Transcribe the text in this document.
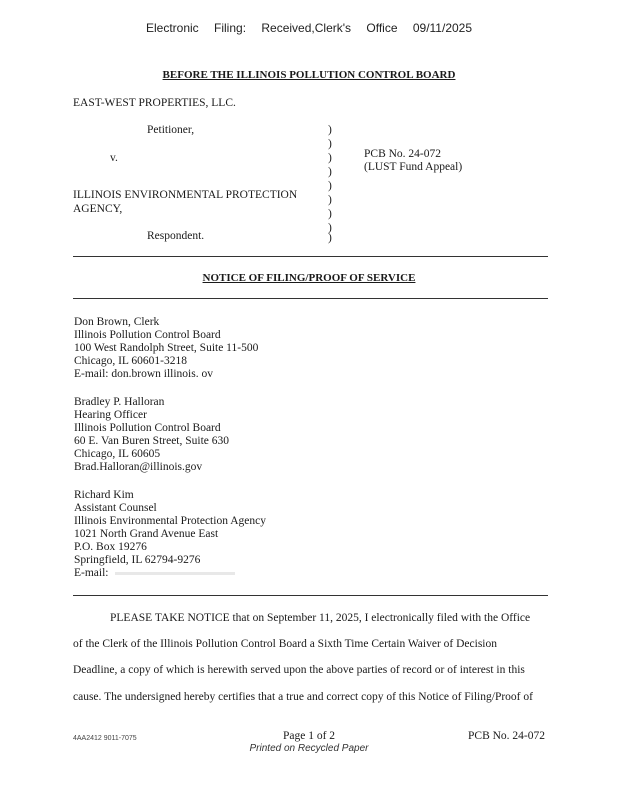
Electronic Filing: Received,Clerk's Office 09/11/2025
BEFORE THE ILLINOIS POLLUTION CONTROL BOARD
EAST-WEST PROPERTIES, LLC.
Petitioner,
v.
ILLINOIS ENVIRONMENTAL PROTECTION
AGENCY,
Respondent.
)
)
)
)
)
)
)
)
)
PCB No. 24-072
(LUST Fund Appeal)
NOTICE OF FILING/PROOF OF SERVICE
Don Brown, Clerk
Illinois Pollution Control Board
100 West Randolph Street, Suite 11-500
Chicago, IL 60601-3218
E-mail: don.brown illinois. ov
Bradley P. Halloran
Hearing Officer
Illinois Pollution Control Board
60 E. Van Buren Street, Suite 630
Chicago, IL 60605
Brad.Halloran@illinois.gov
Richard Kim
Assistant Counsel
Illinois Environmental Protection Agency
1021 North Grand Avenue East
P.O. Box 19276
Springfield, IL 62794-9276
E-mail:
PLEASE TAKE NOTICE that on September 11, 2025, I electronically filed with the Office
of the Clerk of the Illinois Pollution Control Board a Sixth Time Certain Waiver of Decision
Deadline, a copy of which is herewith served upon the above parties of record or of interest in this
cause. The undersigned hereby certifies that a true and correct copy of this Notice of Filing/Proof of
4AA2412 9011-7075	Page 1 of 2
Printed on Recycled Paper
PCB No. 24-072
